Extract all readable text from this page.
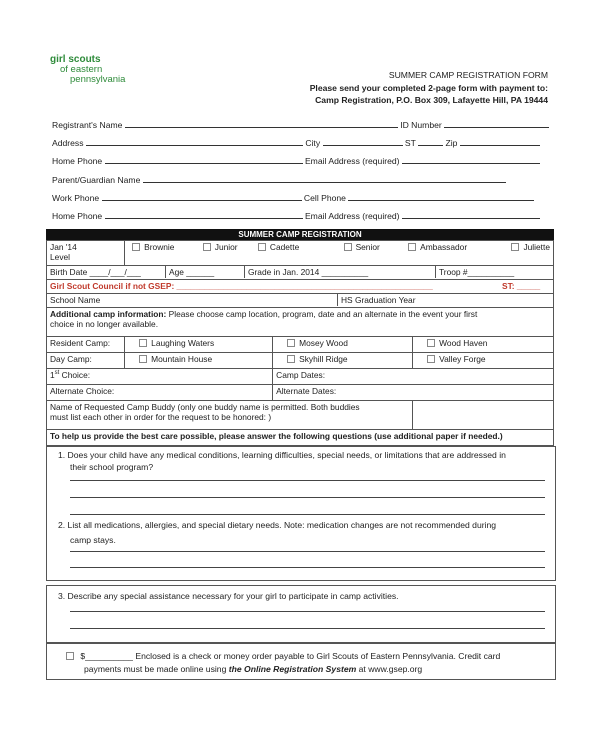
girl scouts
of eastern
pennsylvania	SUMMER CAMP REGISTRATION FORM
Please send your completed 2-page form with payment to:
Camp Registration, P.O. Box 309, Lafayette Hill, PA 19444
Registrant's Name	ID Number
Address	City	ST	Zip
Home Phone	Email Address (required)
Parent/Guardian Name
Work Phone	Cell Phone
Home Phone	Email Address (required)
SUMMER CAMP REGISTRATION
Jan '14
Level	Brownie Junior Cadette Senior Ambassador Juliette		

Birth Date ____/___/___ Age ______ Grade in Jan. 2014 __________ Troop #__________			

Girl Scout Council if not GSEP: _______________________________________________________ ST: _____			

School Name HS Graduation Year			

Additional camp information: Please choose camp location, program, date and an alternate in the event your first
choice in no longer available.			
Resident Camp:	Laughing Waters	Mosey Wood	Wood Haven
Day Camp:	Mountain House	Skyhill Ridge	Valley Forge
1st Choice:		Camp Dates:	
Alternate Choice:		Alternate Dates:	
Name of Requested Camp Buddy (only one buddy name is permitted. Both buddies
must list each other in order for the request to be honored: )			
To help us provide the best care possible, please answer the following questions (use additional paper if needed.)			
1. Does your child have any medical conditions, learning difficulties, special needs, or limitations that are addressed in
their school program?
2. List all medications, allergies, and special dietary needs. Note: medication changes are not recommended during
camp stays.
3. Describe any special assistance necessary for your girl to participate in camp activities.
$__________ Enclosed is a check or money order payable to Girl Scouts of Eastern Pennsylvania. Credit card
payments must be made online using the Online Registration System at www.gsep.org
